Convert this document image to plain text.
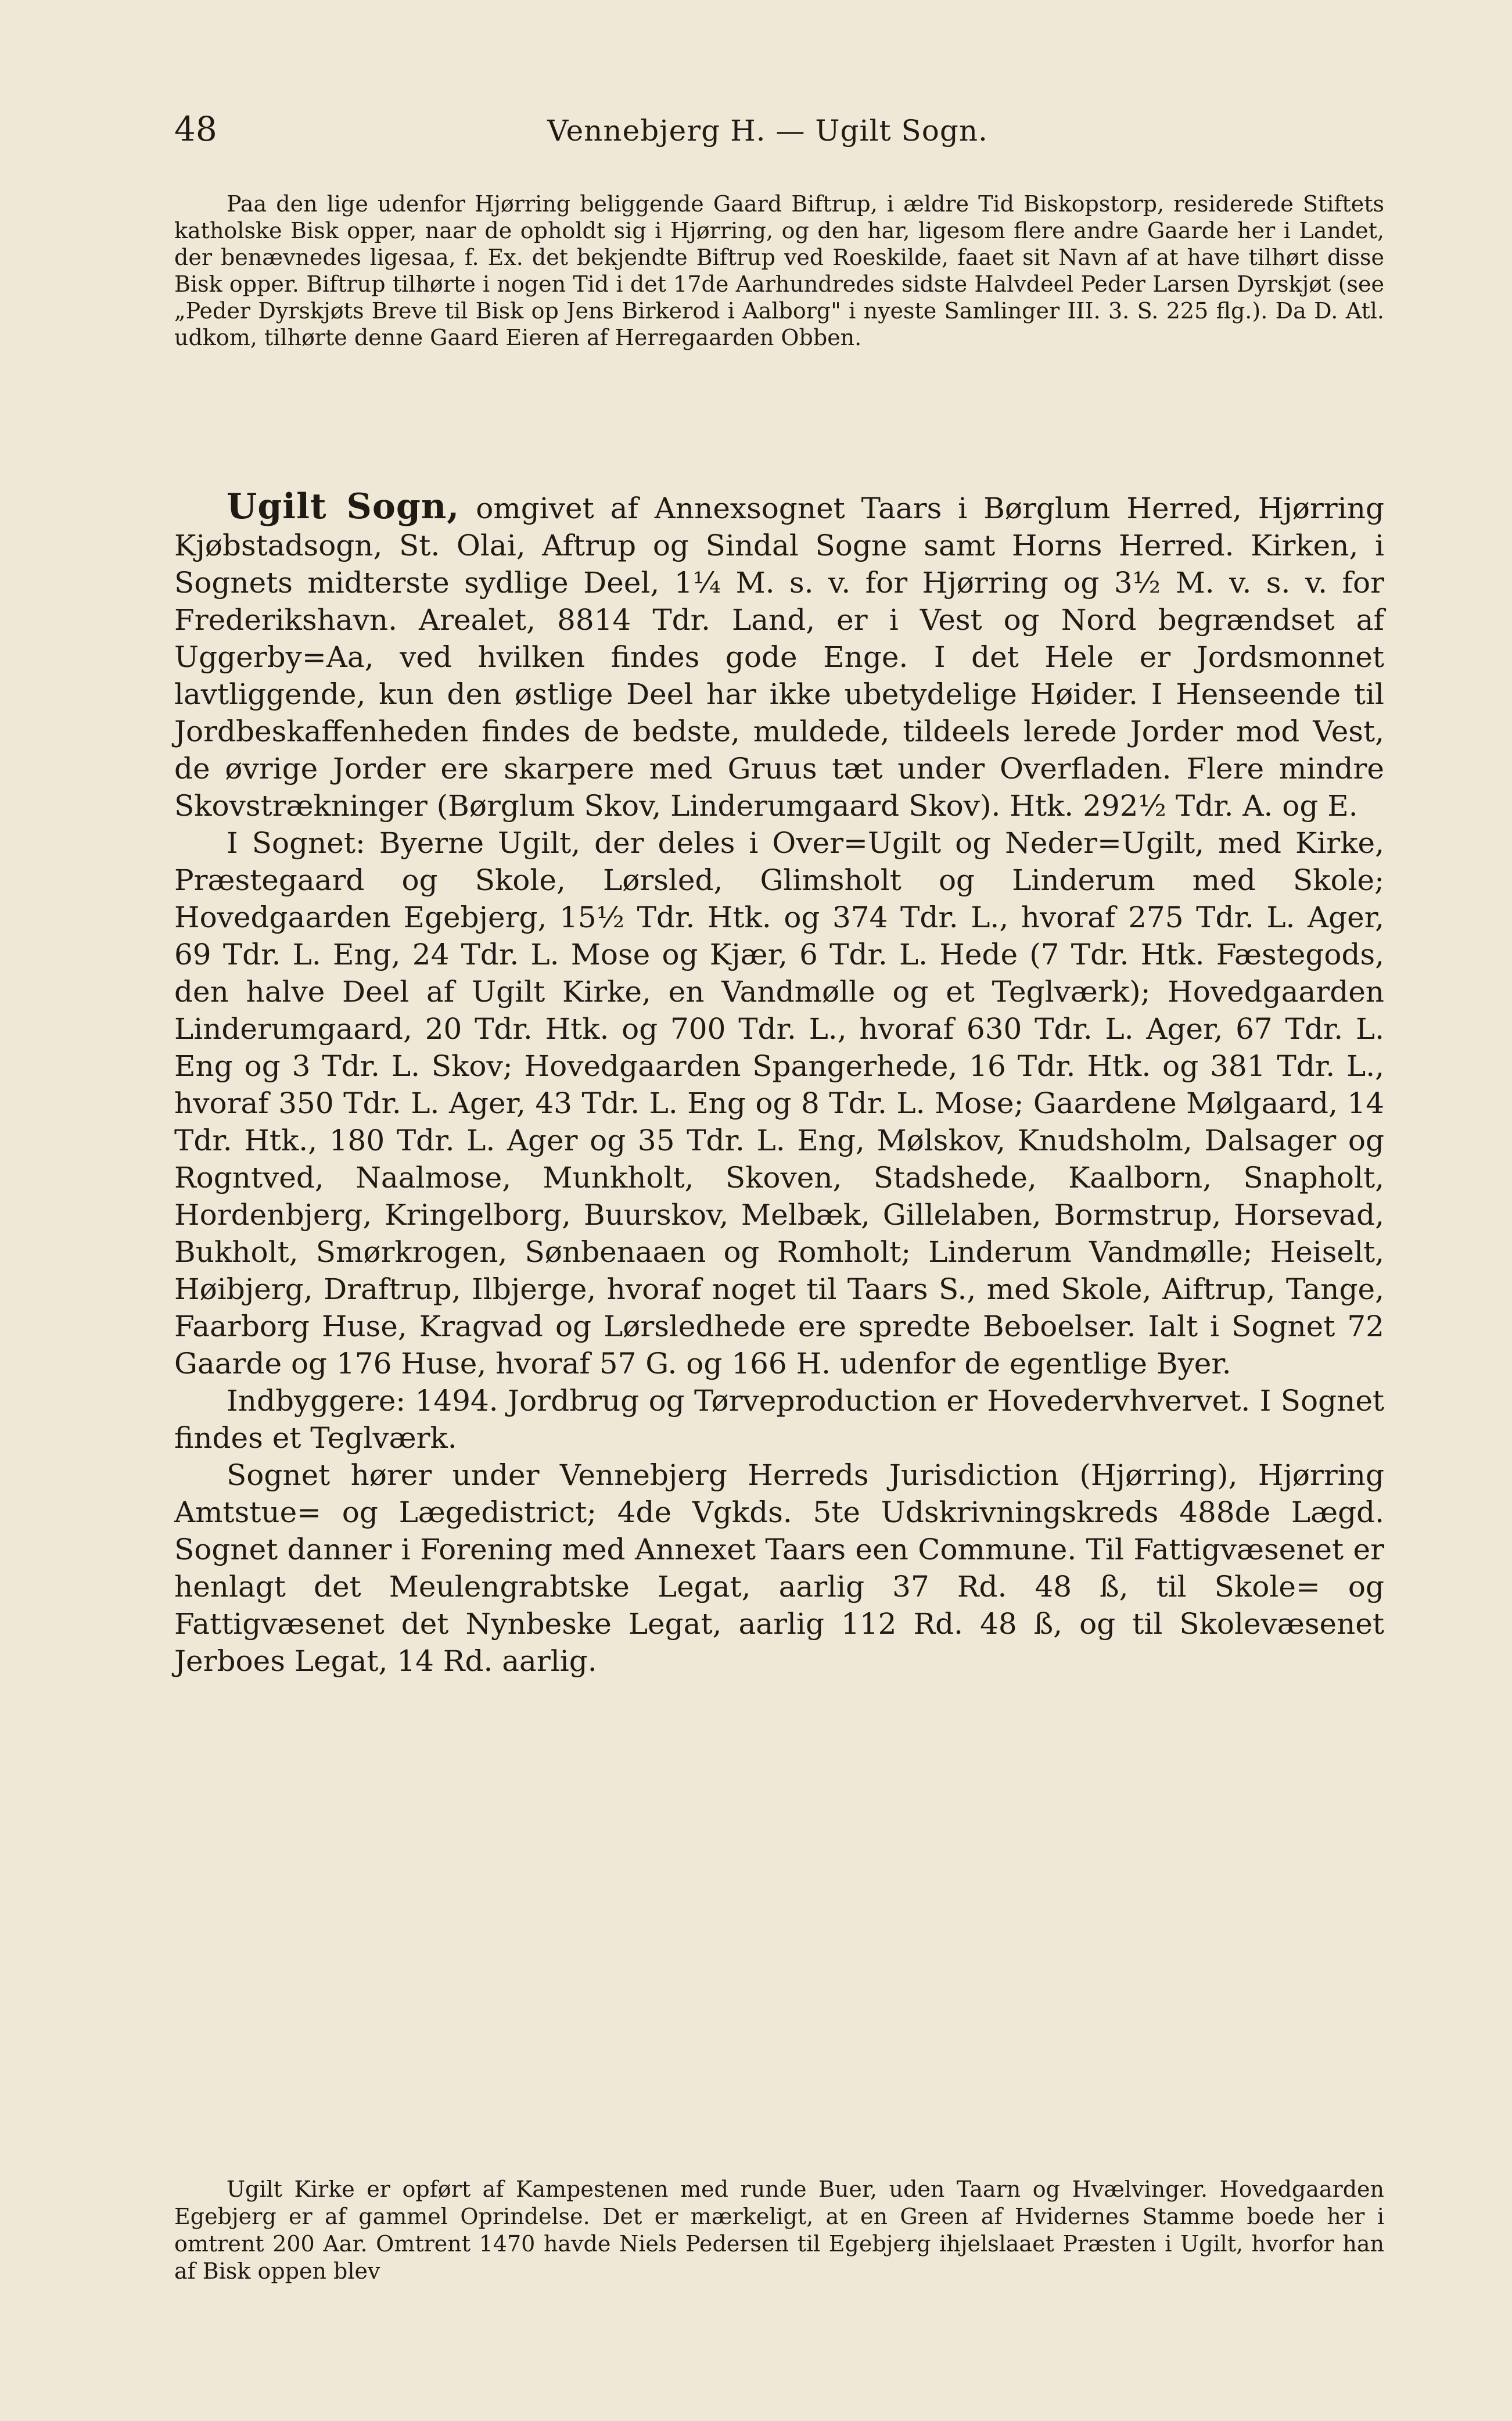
48	Vennebjerg H. — Ugilt Sogn.

Paa den lige udenfor Hjørring beliggende Gaard Biftrup, i ældre Tid Biskopstorp, residerede Stiftets katholske Bisk opper, naar de opholdt sig i Hjørring, og den har, ligesom flere andre Gaarde her i Landet, der benævnedes ligesaa, f. Ex. det bekjendte Biftrup ved Roeskilde, faaet sit Navn af at have tilhørt disse Bisk opper. Biftrup tilhørte i nogen Tid i det 17de Aarhundredes sidste Halvdeel Peder Larsen Dyrskjøt (see „Peder Dyrskjøts Breve til Bisk op Jens Birkerod i Aalborg" i nyeste Samlinger III. 3. S. 225 flg.). Da D. Atl. udkom, tilhørte denne Gaard Eieren af Herregaarden Obben.

Ugilt Sogn, omgivet af Annexsognet Taars i Børglum Herred, Hjørring Kjøbstadsogn, St. Olai, Aftrup og Sindal Sogne samt Horns Herred. Kirken, i Sognets midterste sydlige Deel, 1¼ M. s. v. for Hjørring og 3½ M. v. s. v. for Frederikshavn. Arealet, 8814 Tdr. Land, er i Vest og Nord begrændset af Uggerby=Aa, ved hvilken findes gode Enge. I det Hele er Jordsmonnet lavtliggende, kun den østlige Deel har ikke ubetydelige Høider. I Henseende til Jordbeskaffenheden findes de bedste, muldede, tildeels lerede Jorder mod Vest, de øvrige Jorder ere skarpere med Gruus tæt under Overfladen. Flere mindre Skovstrækninger (Børglum Skov, Linderumgaard Skov). Htk. 292½ Tdr. A. og E.

I Sognet: Byerne Ugilt, der deles i Over=Ugilt og Neder=Ugilt, med Kirke, Præstegaard og Skole, Lørsled, Glimsholt og Linderum med Skole; Hovedgaarden Egebjerg, 15½ Tdr. Htk. og 374 Tdr. L., hvoraf 275 Tdr. L. Ager, 69 Tdr. L. Eng, 24 Tdr. L. Mose og Kjær, 6 Tdr. L. Hede (7 Tdr. Htk. Fæstegods, den halve Deel af Ugilt Kirke, en Vandmølle og et Teglværk); Hovedgaarden Linderumgaard, 20 Tdr. Htk. og 700 Tdr. L., hvoraf 630 Tdr. L. Ager, 67 Tdr. L. Eng og 3 Tdr. L. Skov; Hovedgaarden Spangerhede, 16 Tdr. Htk. og 381 Tdr. L., hvoraf 350 Tdr. L. Ager, 43 Tdr. L. Eng og 8 Tdr. L. Mose; Gaardene Mølgaard, 14 Tdr. Htk., 180 Tdr. L. Ager og 35 Tdr. L. Eng, Mølskov, Knudsholm, Dalsager og Rogntved, Naalmose, Munkholt, Skoven, Stadshede, Kaalborn, Snapholt, Hordenbjerg, Kringelborg, Buurskov, Melbæk, Gillelaben, Bormstrup, Horsevad, Bukholt, Smørkrogen, Sønbenaaen og Romholt; Linderum Vandmølle; Heiselt, Høibjerg, Draftrup, Ilbjerge, hvoraf noget til Taars S., med Skole, Aiftrup, Tange, Faarborg Huse, Kragvad og Lørsledhede ere spredte Beboelser. Ialt i Sognet 72 Gaarde og 176 Huse, hvoraf 57 G. og 166 H. udenfor de egentlige Byer.

Indbyggere: 1494. Jordbrug og Tørveproduction er Hovedervhvervet. I Sognet findes et Teglværk.

Sognet hører under Vennebjerg Herreds Jurisdiction (Hjørring), Hjørring Amtstue= og Lægedistrict; 4de Vgkds. 5te Udskrivningskreds 488de Lægd. Sognet danner i Forening med Annexet Taars een Commune. Til Fattigvæsenet er henlagt det Meulengrabtske Legat, aarlig 37 Rd. 48 ß, til Skole= og Fattigvæsenet det Nynbeske Legat, aarlig 112 Rd. 48 ß, og til Skolevæsenet Jerboes Legat, 14 Rd. aarlig.

Ugilt Kirke er opført af Kampestenen med runde Buer, uden Taarn og Hvælvinger. Hovedgaarden Egebjerg er af gammel Oprindelse. Det er mærkeligt, at en Green af Hvidernes Stamme boede her i omtrent 200 Aar. Omtrent 1470 havde Niels Pedersen til Egebjerg ihjelslaaet Præsten i Ugilt, hvorfor han af Bisk oppen blev
